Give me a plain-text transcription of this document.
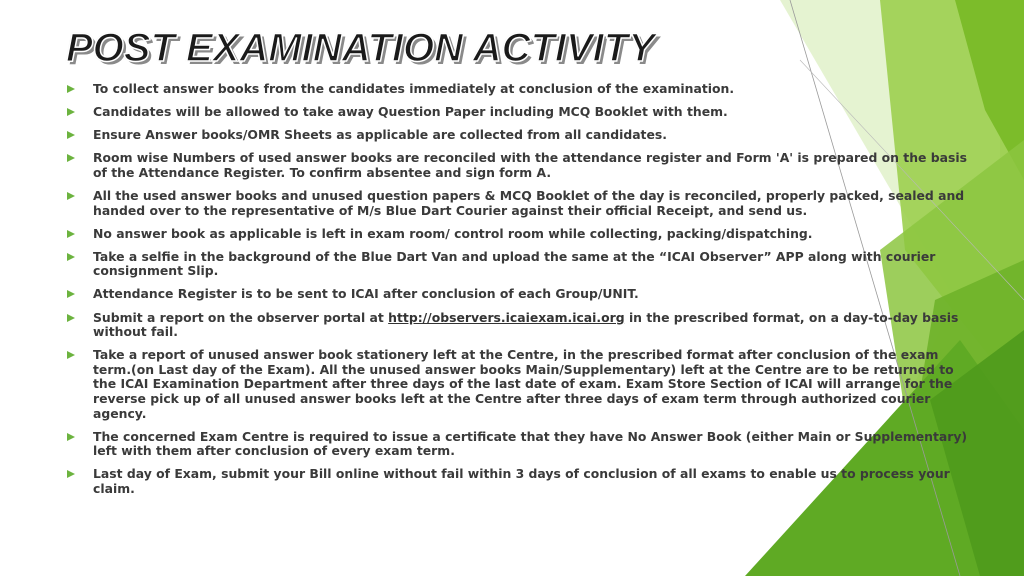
POST EXAMINATION ACTIVITY
To collect answer books from the candidates immediately at conclusion of the examination.
Candidates will be allowed to take away Question Paper including MCQ Booklet with them.
Ensure Answer books/OMR Sheets as applicable are collected from all candidates.
Room wise Numbers of used answer books are reconciled with the attendance register and Form 'A' is prepared on the basis of the Attendance Register. To confirm absentee and sign form A.
All the used answer books and unused question papers & MCQ Booklet of the day is reconciled, properly packed, sealed and handed over to the representative of M/s Blue Dart Courier against their official Receipt, and send us.
No answer book as applicable is left in exam room/ control room while collecting, packing/dispatching.
Take a selfie in the background of the Blue Dart Van and upload the same at the “ICAI Observer” APP along with courier consignment Slip.
Attendance Register is to be sent to ICAI after conclusion of each Group/UNIT.
Submit a report on the observer portal at http://observers.icaiexam.icai.org in the prescribed format, on a day-to-day basis without fail.
Take a report of unused answer book stationery left at the Centre, in the prescribed format after conclusion of the exam term.(on Last day of the Exam). All the unused answer books Main/Supplementary) left at the Centre are to be returned to the ICAI Examination Department after three days of the last date of exam. Exam Store Section of ICAI will arrange for the reverse pick up of all unused answer books left at the Centre after three days of exam term through authorized courier agency.
The concerned Exam Centre is required to issue a certificate that they have No Answer Book (either Main or Supplementary) left with them after conclusion of every exam term.
Last day of Exam, submit your Bill online without fail within 3 days of conclusion of all exams to enable us to process your claim.
